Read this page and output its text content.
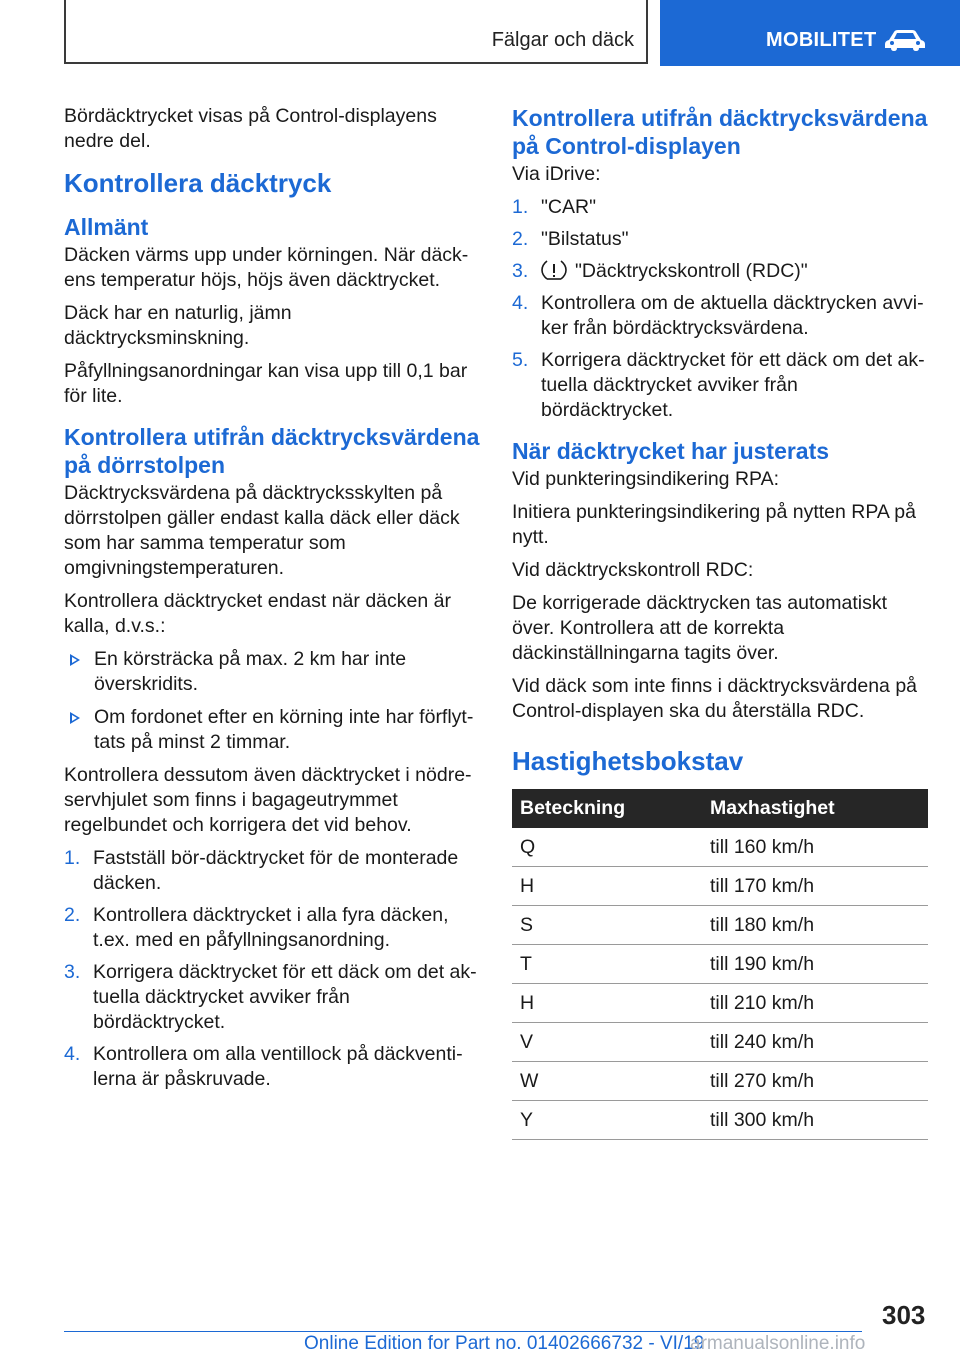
Fälgar och däck	MOBILITET

Bördäcktrycket visas på Control-displayens nedre del.

Kontrollera däcktryck
Allmänt

Däcken värms upp under körningen. När däckens temperatur höjs, höjs även däcktrycket.

Däck har en naturlig, jämn däcktrycksminskning.

Påfyllningsanordningar kan visa upp till 0,1 bar för lite.

Kontrollera utifrån däcktrycksvärdena på dörrstolpen

Däcktrycksvärdena på däcktrycksskylten på dörrstolpen gäller endast kalla däck eller däck som har samma temperatur som omgivningstemperaturen.

Kontrollera däcktrycket endast när däcken är kalla, d.v.s.:

En körsträcka på max. 2 km har inte överskridits.
Om fordonet efter en körning inte har förflyttats på minst 2 timmar.

Kontrollera dessutom även däcktrycket i nödreservhjulet som finns i bagageutrymmet regelbundet och korrigera det vid behov.

1. Fastställ bör-däcktrycket för de monterade däcken.
2. Kontrollera däcktrycket i alla fyra däcken, t.ex. med en påfyllningsanordning.
3. Korrigera däcktrycket för ett däck om det aktuella däcktrycket avviker från bördäcktrycket.
4. Kontrollera om alla ventillock på däckventilerna är påskruvade.
Kontrollera utifrån däcktrycksvärdena på Control-displayen

Via iDrive:

1. "CAR"
2. "Bilstatus"
3. "Däcktryckskontroll (RDC)"
4. Kontrollera om de aktuella däcktrycken avviker från bördäcktrycksvärdena.
5. Korrigera däcktrycket för ett däck om det aktuella däcktrycket avviker från bördäcktrycket.
När däcktrycket har justerats

Vid punkteringsindikering RPA:

Initiera punkteringsindikering på nytten RPA på nytt.

Vid däcktryckskontroll RDC:

De korrigerade däcktrycken tas automatiskt över. Kontrollera att de korrekta däckinställningarna tagits över.

Vid däck som inte finns i däcktrycksvärdena på Control-displayen ska du återställa RDC.

Hastighetsbokstav
Beteckning	Maxhastighet
Q	till 160 km/h
H	till 170 km/h
S	till 180 km/h
T	till 190 km/h
H	till 210 km/h
V	till 240 km/h
W	till 270 km/h
Y	till 300 km/h
303
Online Edition for Part no. 01402666732 - VI/19
armanualsonline.info
